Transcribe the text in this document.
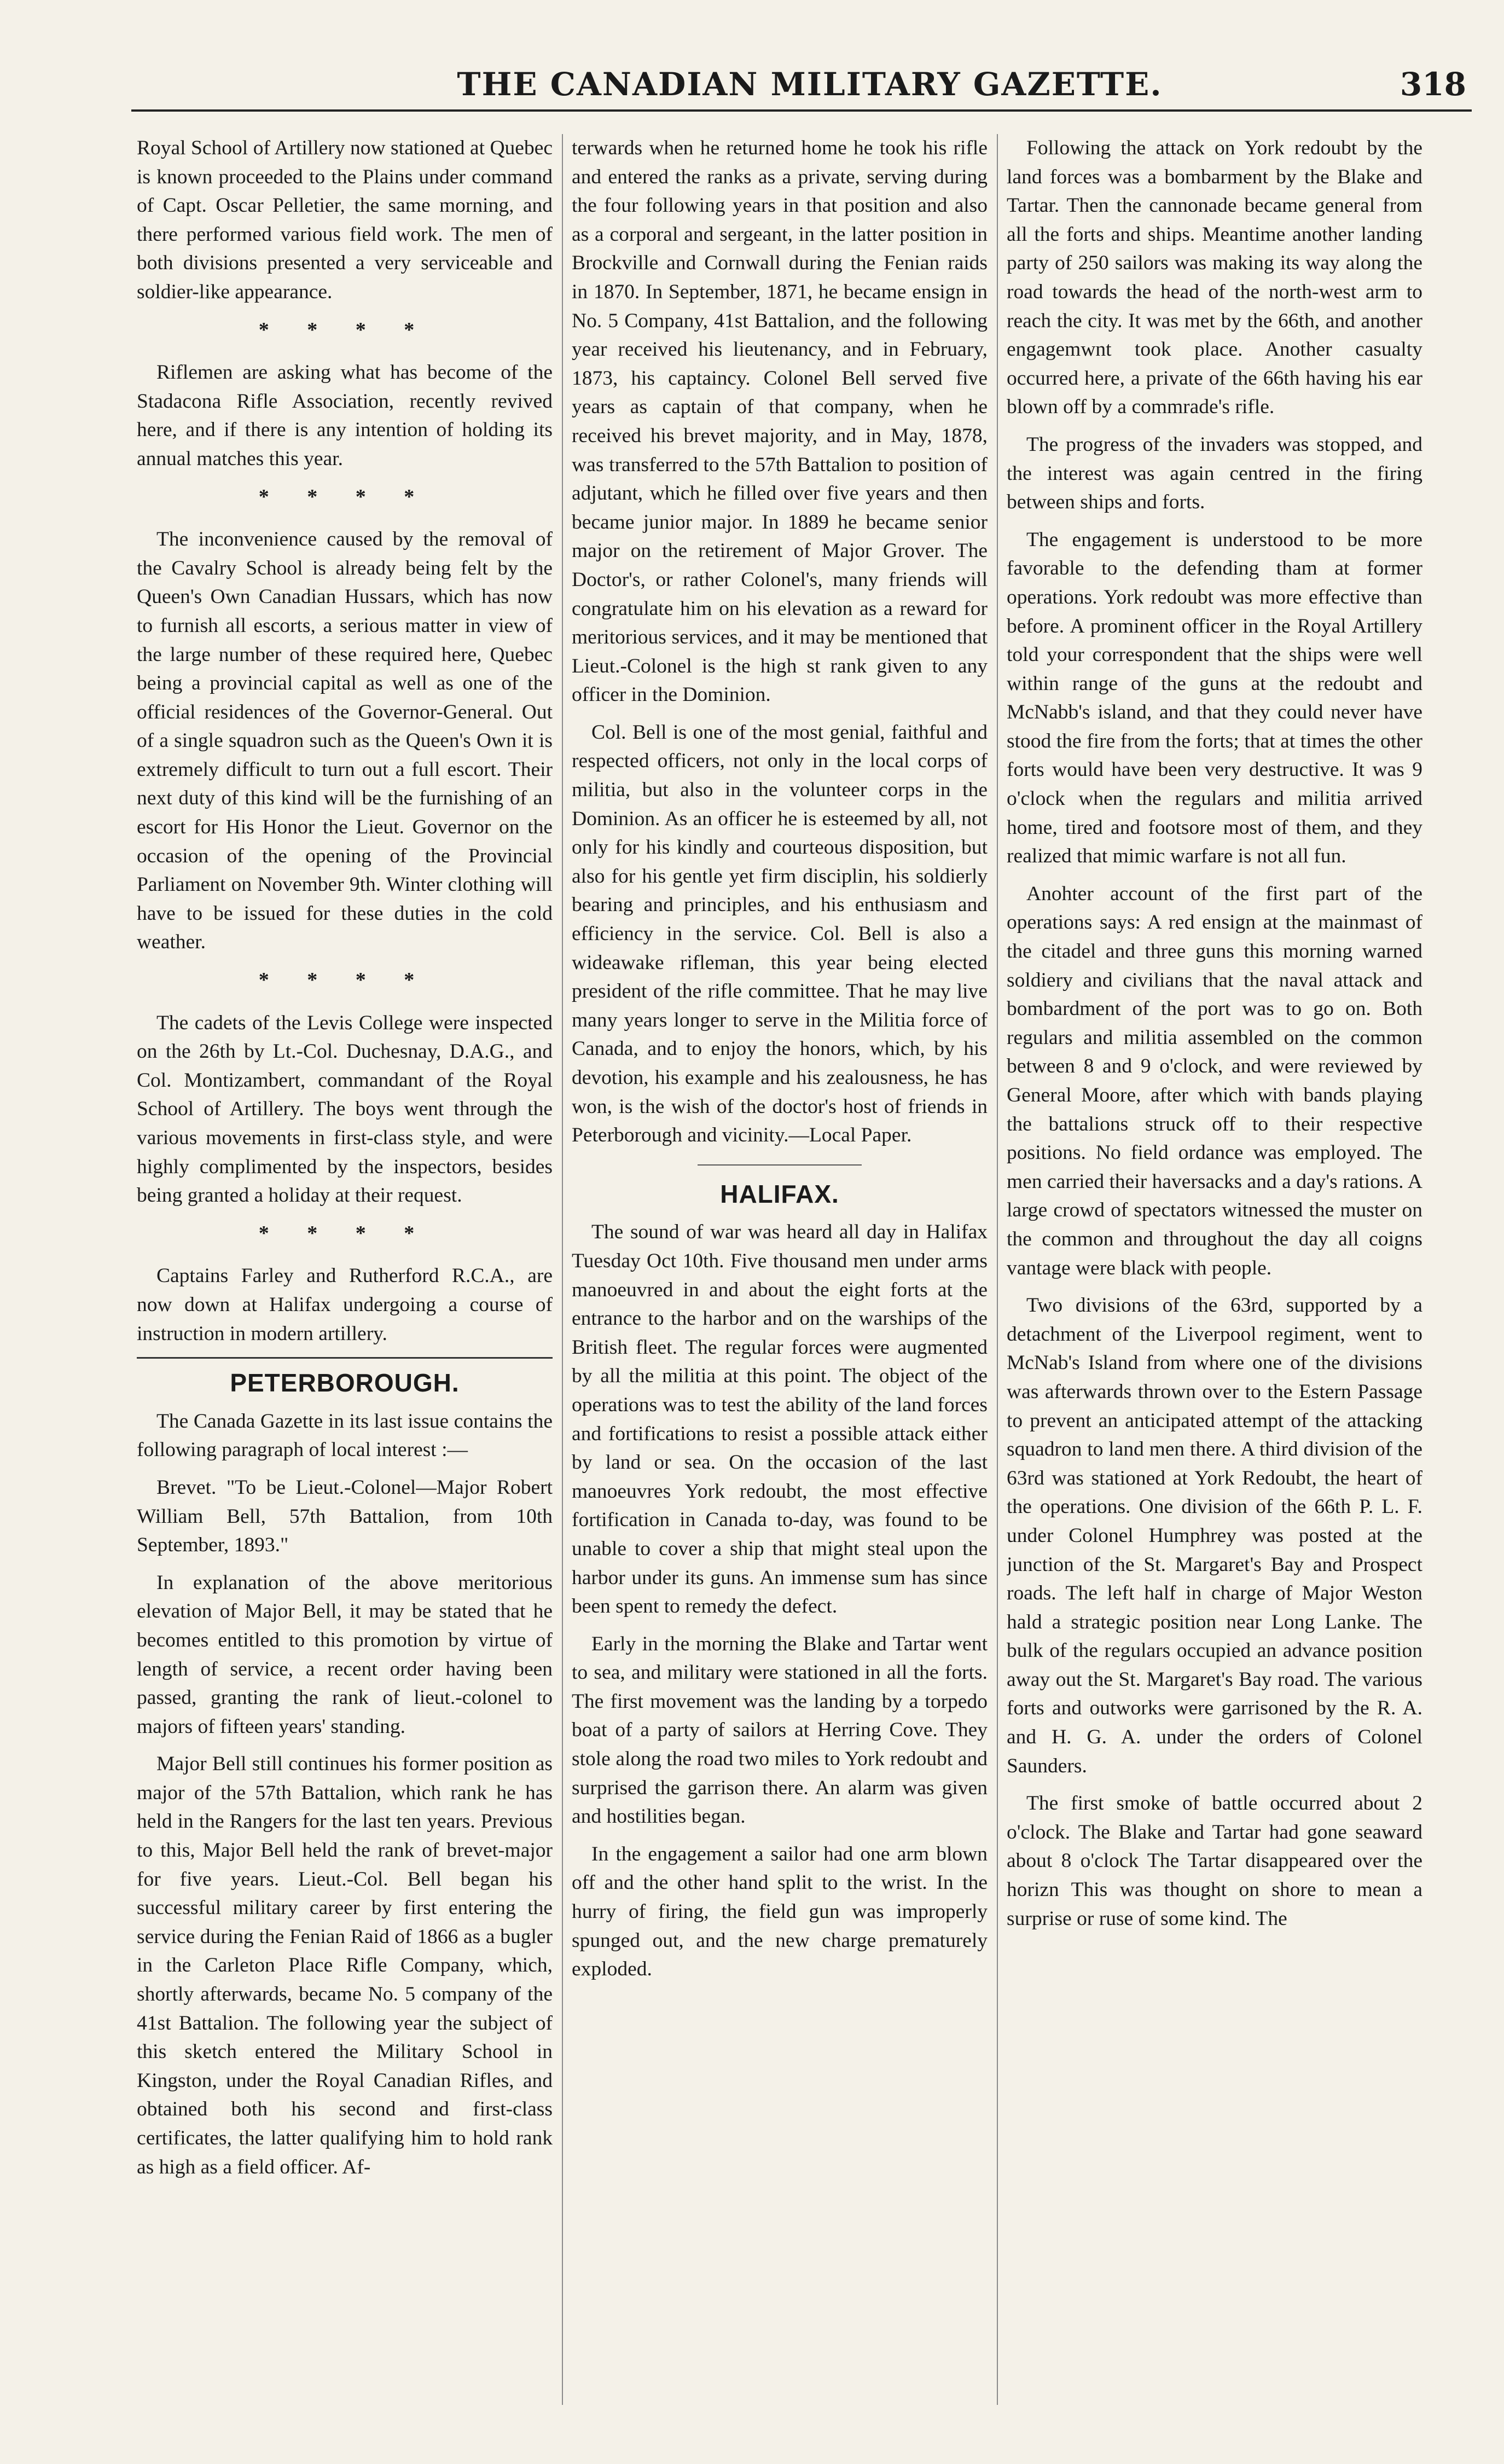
THE CANADIAN MILITARY GAZETTE.	318

Royal School of Artillery now stationed at Quebec is known proceeded to the Plains under command of Capt. Oscar Pelletier, the same morning, and there performed various field work. The men of both divisions presented a very serviceable and soldier-like appearance.

* * * *

Riflemen are asking what has become of the Stadacona Rifle Association, recently revived here, and if there is any intention of holding its annual matches this year.

* * * *

The inconvenience caused by the removal of the Cavalry School is already being felt by the Queen's Own Canadian Hussars, which has now to furnish all escorts, a serious matter in view of the large number of these required here, Quebec being a provincial capital as well as one of the official residences of the Governor-General. Out of a single squadron such as the Queen's Own it is extremely difficult to turn out a full escort. Their next duty of this kind will be the furnishing of an escort for His Honor the Lieut. Governor on the occasion of the opening of the Provincial Parliament on November 9th. Winter clothing will have to be issued for these duties in the cold weather.

* * * *

The cadets of the Levis College were inspected on the 26th by Lt.-Col. Duchesnay, D.A.G., and Col. Montizambert, commandant of the Royal School of Artillery. The boys went through the various movements in first-class style, and were highly complimented by the inspectors, besides being granted a holiday at their request.

* * * *

Captains Farley and Rutherford R.C.A., are now down at Halifax undergoing a course of instruction in modern artillery.

PETERBOROUGH.

The Canada Gazette in its last issue contains the following paragraph of local interest :—

Brevet. "To be Lieut.-Colonel—Major Robert William Bell, 57th Battalion, from 10th September, 1893."

In explanation of the above meritorious elevation of Major Bell, it may be stated that he becomes entitled to this promotion by virtue of length of service, a recent order having been passed, granting the rank of lieut.-colonel to majors of fifteen years' standing.

Major Bell still continues his former position as major of the 57th Battalion, which rank he has held in the Rangers for the last ten years. Previous to this, Major Bell held the rank of brevet-major for five years. Lieut.-Col. Bell began his successful military career by first entering the service during the Fenian Raid of 1866 as a bugler in the Carleton Place Rifle Company, which, shortly afterwards, became No. 5 company of the 41st Battalion. The following year the subject of this sketch entered the Military School in Kingston, under the Royal Canadian Rifles, and obtained both his second and first-class certificates, the latter qualifying him to hold rank as high as a field officer. Af-

terwards when he returned home he took his rifle and entered the ranks as a private, serving during the four following years in that position and also as a corporal and sergeant, in the latter position in Brockville and Cornwall during the Fenian raids in 1870. In September, 1871, he became ensign in No. 5 Company, 41st Battalion, and the following year received his lieutenancy, and in February, 1873, his captaincy. Colonel Bell served five years as captain of that company, when he received his brevet majority, and in May, 1878, was transferred to the 57th Battalion to position of adjutant, which he filled over five years and then became junior major. In 1889 he became senior major on the retirement of Major Grover. The Doctor's, or rather Colonel's, many friends will congratulate him on his elevation as a reward for meritorious services, and it may be mentioned that Lieut.-Colonel is the high st rank given to any officer in the Dominion.

Col. Bell is one of the most genial, faithful and respected officers, not only in the local corps of militia, but also in the volunteer corps in the Dominion. As an officer he is esteemed by all, not only for his kindly and courteous disposition, but also for his gentle yet firm disciplin, his soldierly bearing and principles, and his enthusiasm and efficiency in the service. Col. Bell is also a wideawake rifleman, this year being elected president of the rifle committee. That he may live many years longer to serve in the Militia force of Canada, and to enjoy the honors, which, by his devotion, his example and his zealousness, he has won, is the wish of the doctor's host of friends in Peterborough and vicinity.—Local Paper.

HALIFAX.

The sound of war was heard all day in Halifax Tuesday Oct 10th. Five thousand men under arms manoeuvred in and about the eight forts at the entrance to the harbor and on the warships of the British fleet. The regular forces were augmented by all the militia at this point. The object of the operations was to test the ability of the land forces and fortifications to resist a possible attack either by land or sea. On the occasion of the last manoeuvres York redoubt, the most effective fortification in Canada to-day, was found to be unable to cover a ship that might steal upon the harbor under its guns. An immense sum has since been spent to remedy the defect.

Early in the morning the Blake and Tartar went to sea, and military were stationed in all the forts. The first movement was the landing by a torpedo boat of a party of sailors at Herring Cove. They stole along the road two miles to York redoubt and surprised the garrison there. An alarm was given and hostilities began.

In the engagement a sailor had one arm blown off and the other hand split to the wrist. In the hurry of firing, the field gun was improperly spunged out, and the new charge prematurely exploded.

Following the attack on York redoubt by the land forces was a bombarment by the Blake and Tartar. Then the cannonade became general from all the forts and ships. Meantime another landing party of 250 sailors was making its way along the road towards the head of the north-west arm to reach the city. It was met by the 66th, and another engagemwnt took place. Another casualty occurred here, a private of the 66th having his ear blown off by a commrade's rifle.

The progress of the invaders was stopped, and the interest was again centred in the firing between ships and forts.

The engagement is understood to be more favorable to the defending tham at former operations. York redoubt was more effective than before. A prominent officer in the Royal Artillery told your correspondent that the ships were well within range of the guns at the redoubt and McNabb's island, and that they could never have stood the fire from the forts; that at times the other forts would have been very destructive. It was 9 o'clock when the regulars and militia arrived home, tired and footsore most of them, and they realized that mimic warfare is not all fun.

Anohter account of the first part of the operations says: A red ensign at the mainmast of the citadel and three guns this morning warned soldiery and civilians that the naval attack and bombardment of the port was to go on. Both regulars and militia assembled on the common between 8 and 9 o'clock, and were reviewed by General Moore, after which with bands playing the battalions struck off to their respective positions. No field ordance was employed. The men carried their haversacks and a day's rations. A large crowd of spectators witnessed the muster on the common and throughout the day all coigns vantage were black with people.

Two divisions of the 63rd, supported by a detachment of the Liverpool regiment, went to McNab's Island from where one of the divisions was afterwards thrown over to the Estern Passage to prevent an anticipated attempt of the attacking squadron to land men there. A third division of the 63rd was stationed at York Redoubt, the heart of the operations. One division of the 66th P. L. F. under Colonel Humphrey was posted at the junction of the St. Margaret's Bay and Prospect roads. The left half in charge of Major Weston hald a strategic position near Long Lanke. The bulk of the regulars occupied an advance position away out the St. Margaret's Bay road. The various forts and outworks were garrisoned by the R. A. and H. G. A. under the orders of Colonel Saunders.

The first smoke of battle occurred about 2 o'clock. The Blake and Tartar had gone seaward about 8 o'clock The Tartar disappeared over the horizn This was thought on shore to mean a surprise or ruse of some kind. The
